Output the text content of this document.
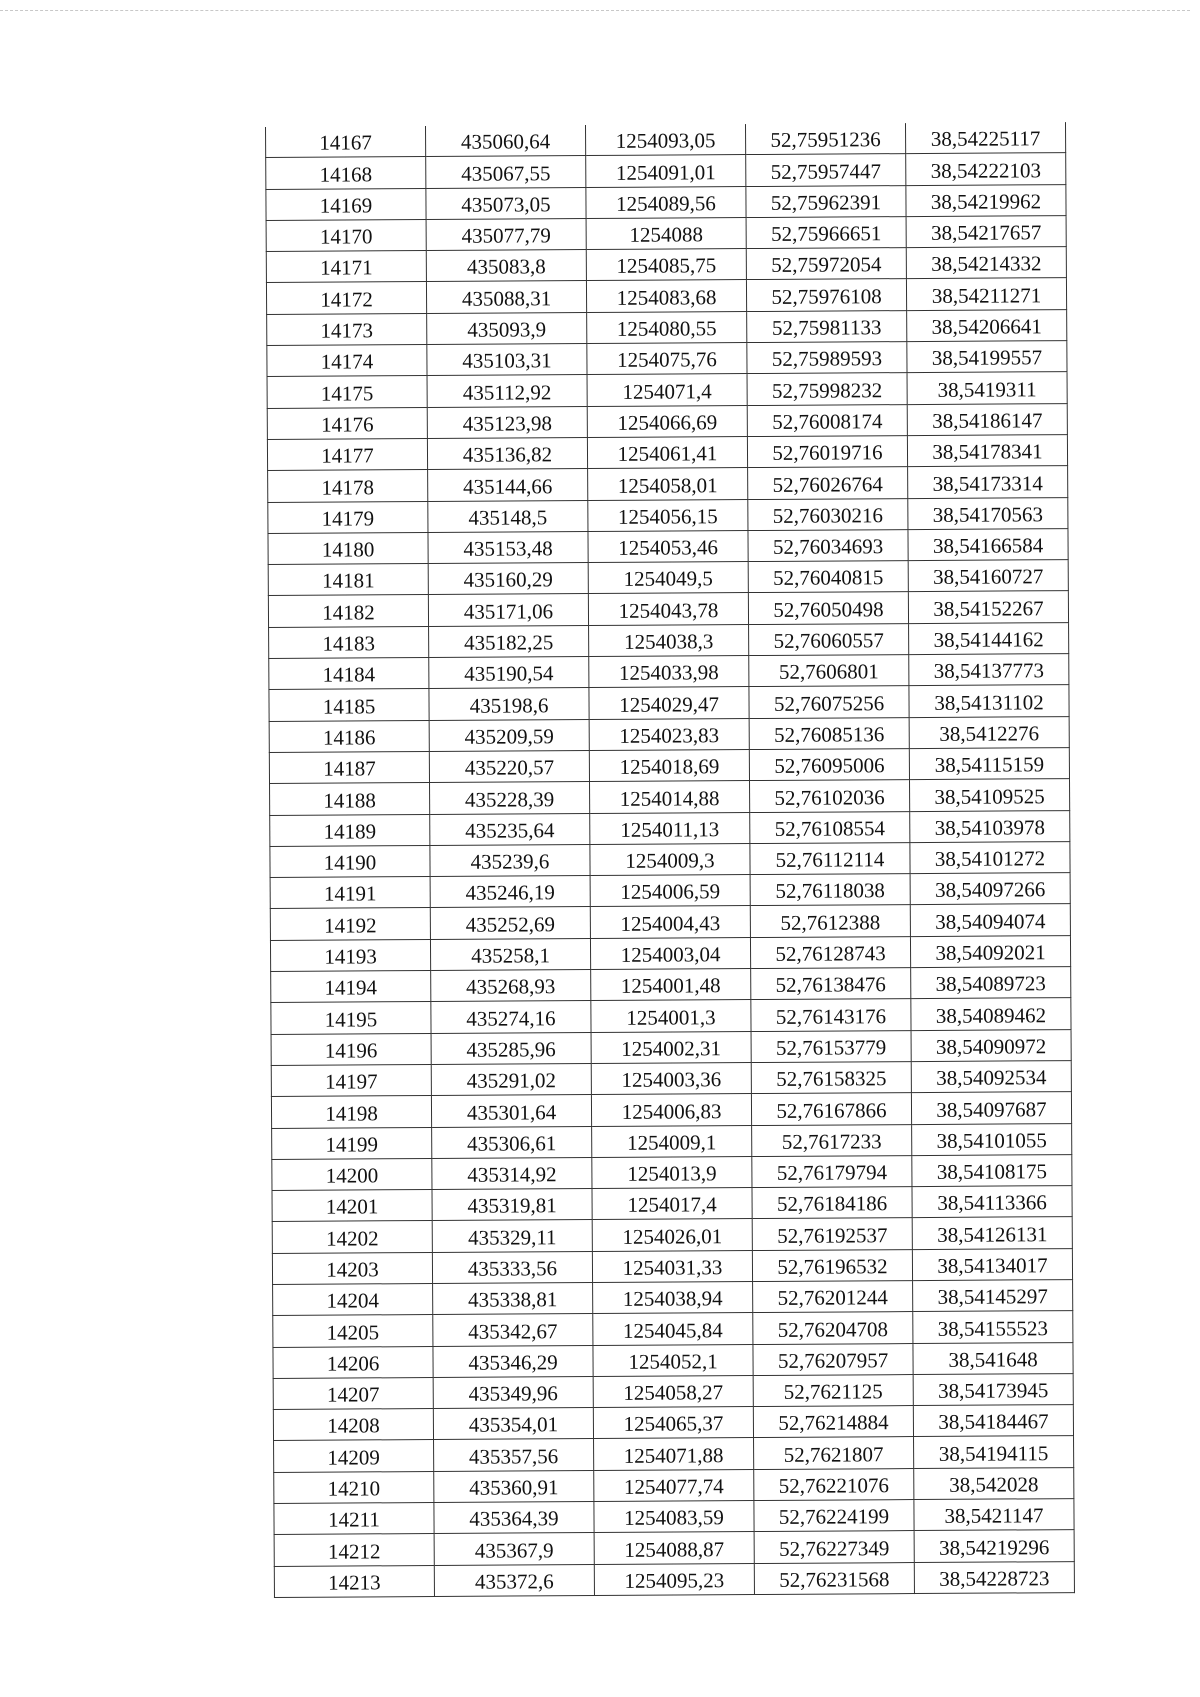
14167	435060,64	1254093,05	52,75951236	38,54225117
14168	435067,55	1254091,01	52,75957447	38,54222103
14169	435073,05	1254089,56	52,75962391	38,54219962
14170	435077,79	1254088	52,75966651	38,54217657
14171	435083,8	1254085,75	52,75972054	38,54214332
14172	435088,31	1254083,68	52,75976108	38,54211271
14173	435093,9	1254080,55	52,75981133	38,54206641
14174	435103,31	1254075,76	52,75989593	38,54199557
14175	435112,92	1254071,4	52,75998232	38,5419311
14176	435123,98	1254066,69	52,76008174	38,54186147
14177	435136,82	1254061,41	52,76019716	38,54178341
14178	435144,66	1254058,01	52,76026764	38,54173314
14179	435148,5	1254056,15	52,76030216	38,54170563
14180	435153,48	1254053,46	52,76034693	38,54166584
14181	435160,29	1254049,5	52,76040815	38,54160727
14182	435171,06	1254043,78	52,76050498	38,54152267
14183	435182,25	1254038,3	52,76060557	38,54144162
14184	435190,54	1254033,98	52,7606801	38,54137773
14185	435198,6	1254029,47	52,76075256	38,54131102
14186	435209,59	1254023,83	52,76085136	38,5412276
14187	435220,57	1254018,69	52,76095006	38,54115159
14188	435228,39	1254014,88	52,76102036	38,54109525
14189	435235,64	1254011,13	52,76108554	38,54103978
14190	435239,6	1254009,3	52,76112114	38,54101272
14191	435246,19	1254006,59	52,76118038	38,54097266
14192	435252,69	1254004,43	52,7612388	38,54094074
14193	435258,1	1254003,04	52,76128743	38,54092021
14194	435268,93	1254001,48	52,76138476	38,54089723
14195	435274,16	1254001,3	52,76143176	38,54089462
14196	435285,96	1254002,31	52,76153779	38,54090972
14197	435291,02	1254003,36	52,76158325	38,54092534
14198	435301,64	1254006,83	52,76167866	38,54097687
14199	435306,61	1254009,1	52,7617233	38,54101055
14200	435314,92	1254013,9	52,76179794	38,54108175
14201	435319,81	1254017,4	52,76184186	38,54113366
14202	435329,11	1254026,01	52,76192537	38,54126131
14203	435333,56	1254031,33	52,76196532	38,54134017
14204	435338,81	1254038,94	52,76201244	38,54145297
14205	435342,67	1254045,84	52,76204708	38,54155523
14206	435346,29	1254052,1	52,76207957	38,541648
14207	435349,96	1254058,27	52,7621125	38,54173945
14208	435354,01	1254065,37	52,76214884	38,54184467
14209	435357,56	1254071,88	52,7621807	38,54194115
14210	435360,91	1254077,74	52,76221076	38,542028
14211	435364,39	1254083,59	52,76224199	38,5421147
14212	435367,9	1254088,87	52,76227349	38,54219296
14213	435372,6	1254095,23	52,76231568	38,54228723
